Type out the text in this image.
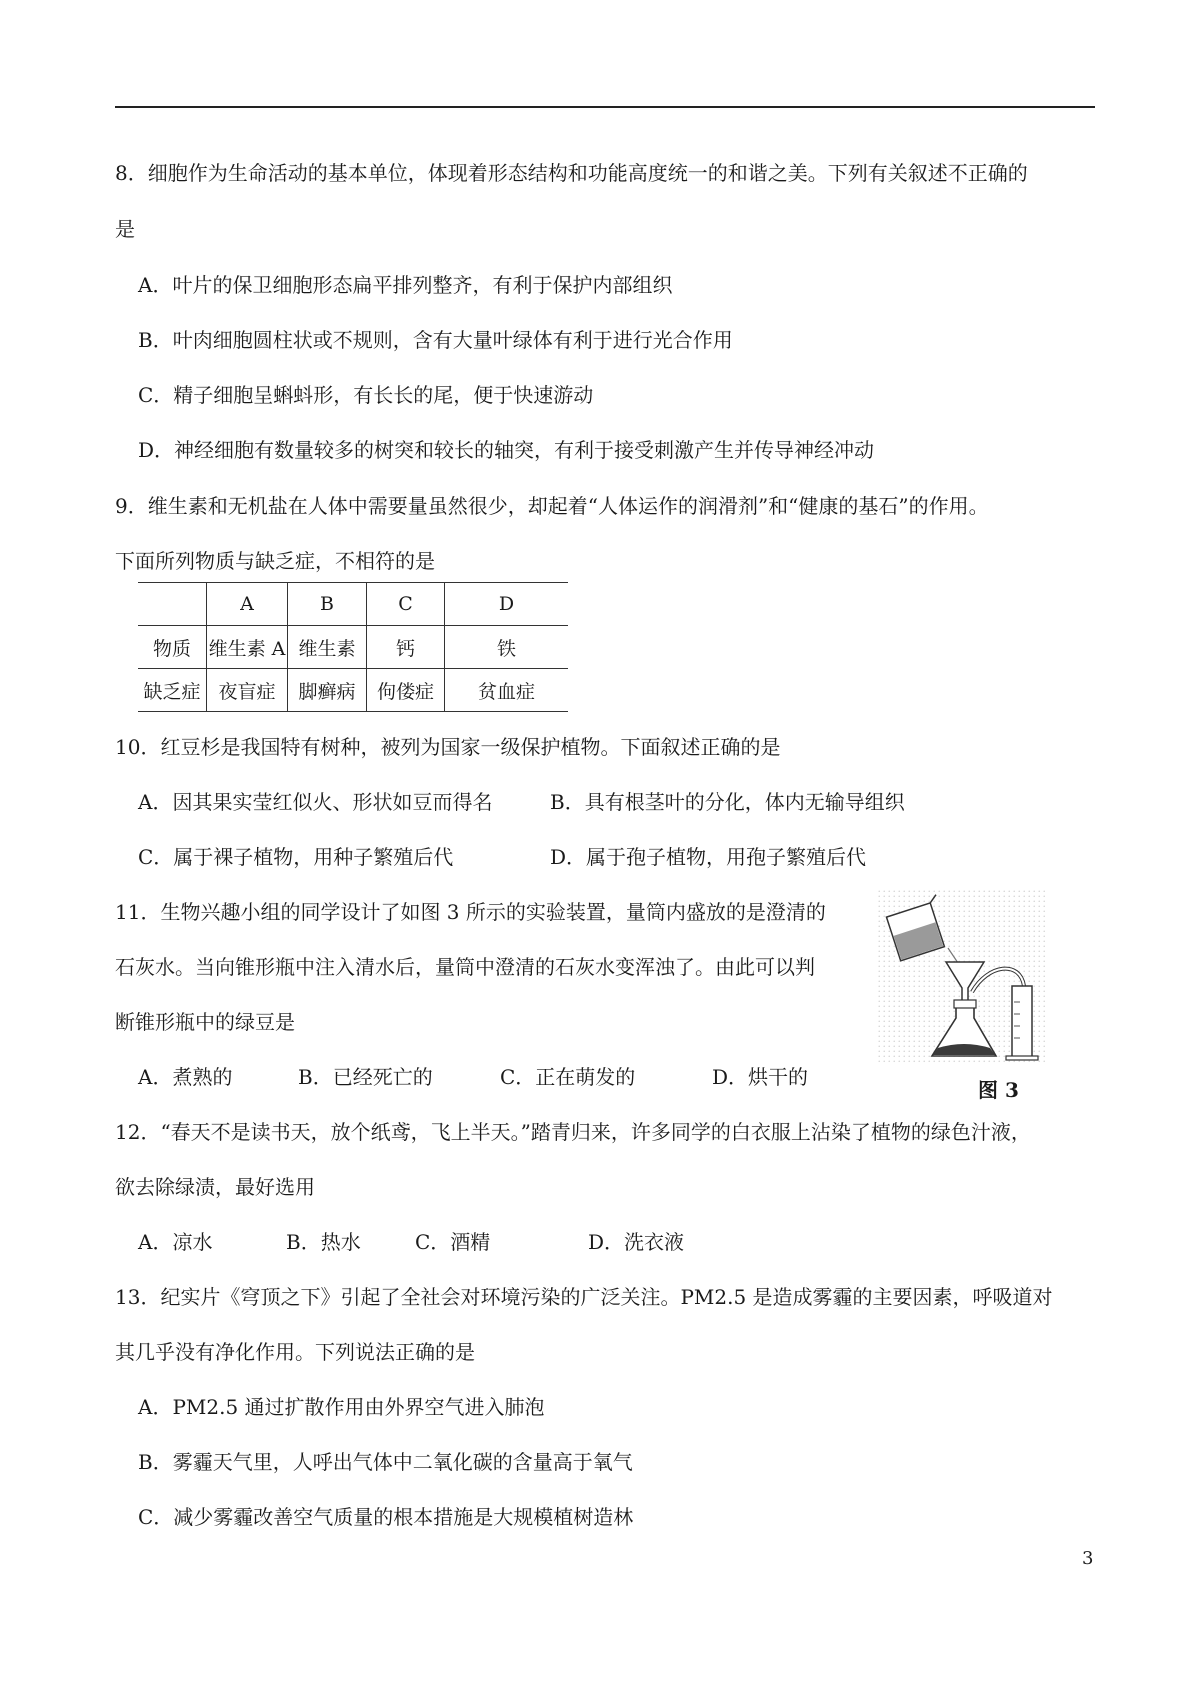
8．细胞作为生命活动的基本单位，体现着形态结构和功能高度统一的和谐之美。下列有关叙述不正确的
是
A．叶片的保卫细胞形态扁平排列整齐，有利于保护内部组织
B．叶肉细胞圆柱状或不规则，含有大量叶绿体有利于进行光合作用
C．精子细胞呈蝌蚪形，有长长的尾，便于快速游动
D．神经细胞有数量较多的树突和较长的轴突，有利于接受刺激产生并传导神经冲动
9．维生素和无机盐在人体中需要量虽然很少，却起着“人体运作的润滑剂”和“健康的基石”的作用。
下面所列物质与缺乏症，不相符的是
	A	B	C	D
物质	维生素 A	维生素	钙	铁
缺乏症	夜盲症	脚癣病	佝偻症	贫血症
10．红豆杉是我国特有树种，被列为国家一级保护植物。下面叙述正确的是
A．因其果实莹红似火、形状如豆而得名	B．具有根茎叶的分化，体内无输导组织
C．属于裸子植物，用种子繁殖后代	D．属于孢子植物，用孢子繁殖后代
11．生物兴趣小组的同学设计了如图 3 所示的实验装置，量筒内盛放的是澄清的
石灰水。当向锥形瓶中注入清水后，量筒中澄清的石灰水变浑浊了。由此可以判
断锥形瓶中的绿豆是
A．煮熟的	B．已经死亡的	C．正在萌发的	D．烘干的
图 3
12．“春天不是读书天，放个纸鸢，飞上半天。”踏青归来，许多同学的白衣服上沾染了植物的绿色汁液，
欲去除绿渍，最好选用
A．凉水	B．热水	C．酒精	D．洗衣液
13．纪实片《穹顶之下》引起了全社会对环境污染的广泛关注。PM2.5 是造成雾霾的主要因素，呼吸道对
其几乎没有净化作用。下列说法正确的是
A．PM2.5 通过扩散作用由外界空气进入肺泡
B．雾霾天气里，人呼出气体中二氧化碳的含量高于氧气
C．减少雾霾改善空气质量的根本措施是大规模植树造林
3
